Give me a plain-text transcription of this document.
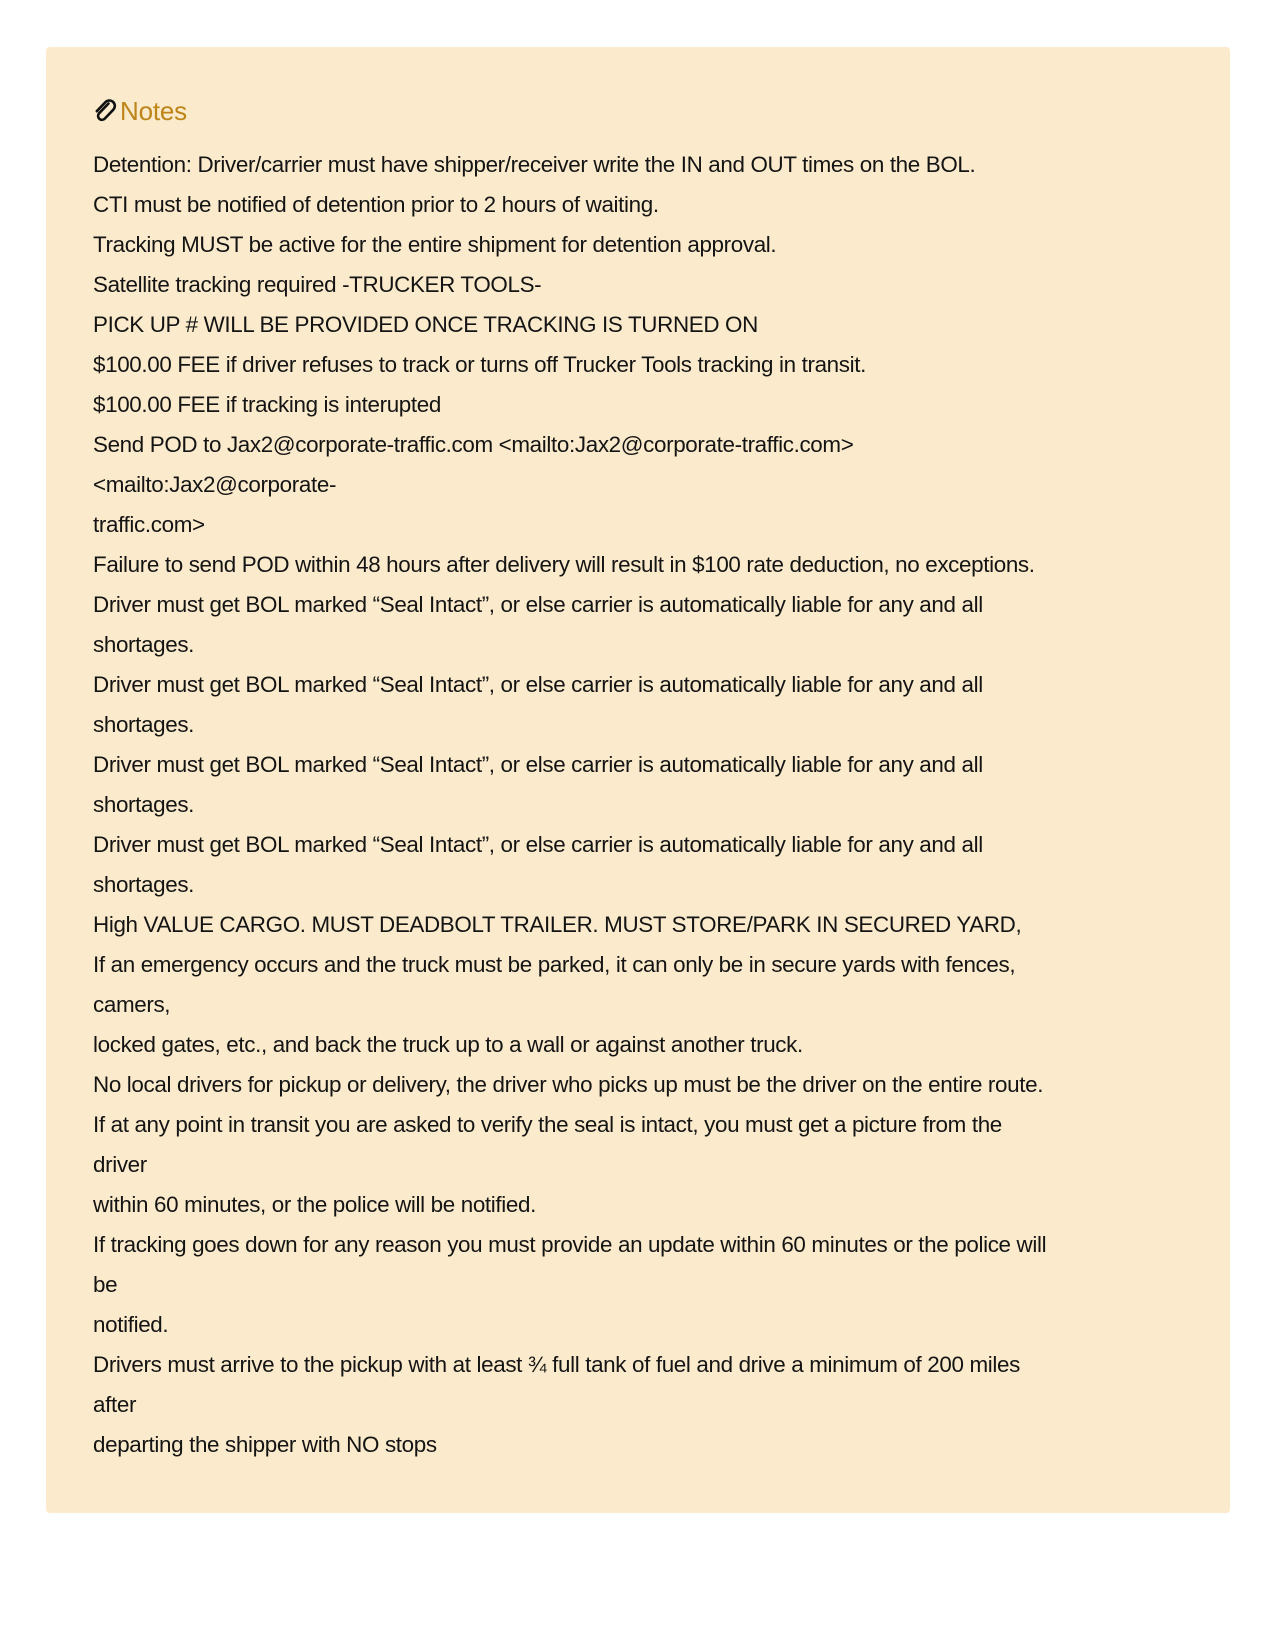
Notes
Detention: Driver/carrier must have shipper/receiver write the IN and OUT times on the BOL.
CTI must be notified of detention prior to 2 hours of waiting.
Tracking MUST be active for the entire shipment for detention approval.
Satellite tracking required -TRUCKER TOOLS-
PICK UP # WILL BE PROVIDED ONCE TRACKING IS TURNED ON
$100.00 FEE if driver refuses to track or turns off Trucker Tools tracking in transit.
$100.00 FEE if tracking is interupted
Send POD to Jax2@corporate-traffic.com <mailto:Jax2@corporate-traffic.com>
<mailto:Jax2@corporate-
traffic.com>
Failure to send POD within 48 hours after delivery will result in $100 rate deduction, no exceptions.
Driver must get BOL marked “Seal Intact”, or else carrier is automatically liable for any and all
shortages.
Driver must get BOL marked “Seal Intact”, or else carrier is automatically liable for any and all
shortages.
Driver must get BOL marked “Seal Intact”, or else carrier is automatically liable for any and all
shortages.
Driver must get BOL marked “Seal Intact”, or else carrier is automatically liable for any and all
shortages.
High VALUE CARGO. MUST DEADBOLT TRAILER. MUST STORE/PARK IN SECURED YARD,
If an emergency occurs and the truck must be parked, it can only be in secure yards with fences,
camers,
locked gates, etc., and back the truck up to a wall or against another truck.
No local drivers for pickup or delivery, the driver who picks up must be the driver on the entire route.
If at any point in transit you are asked to verify the seal is intact, you must get a picture from the
driver
within 60 minutes, or the police will be notified.
If tracking goes down for any reason you must provide an update within 60 minutes or the police will
be
notified.
Drivers must arrive to the pickup with at least ¾ full tank of fuel and drive a minimum of 200 miles
after
departing the shipper with NO stops
